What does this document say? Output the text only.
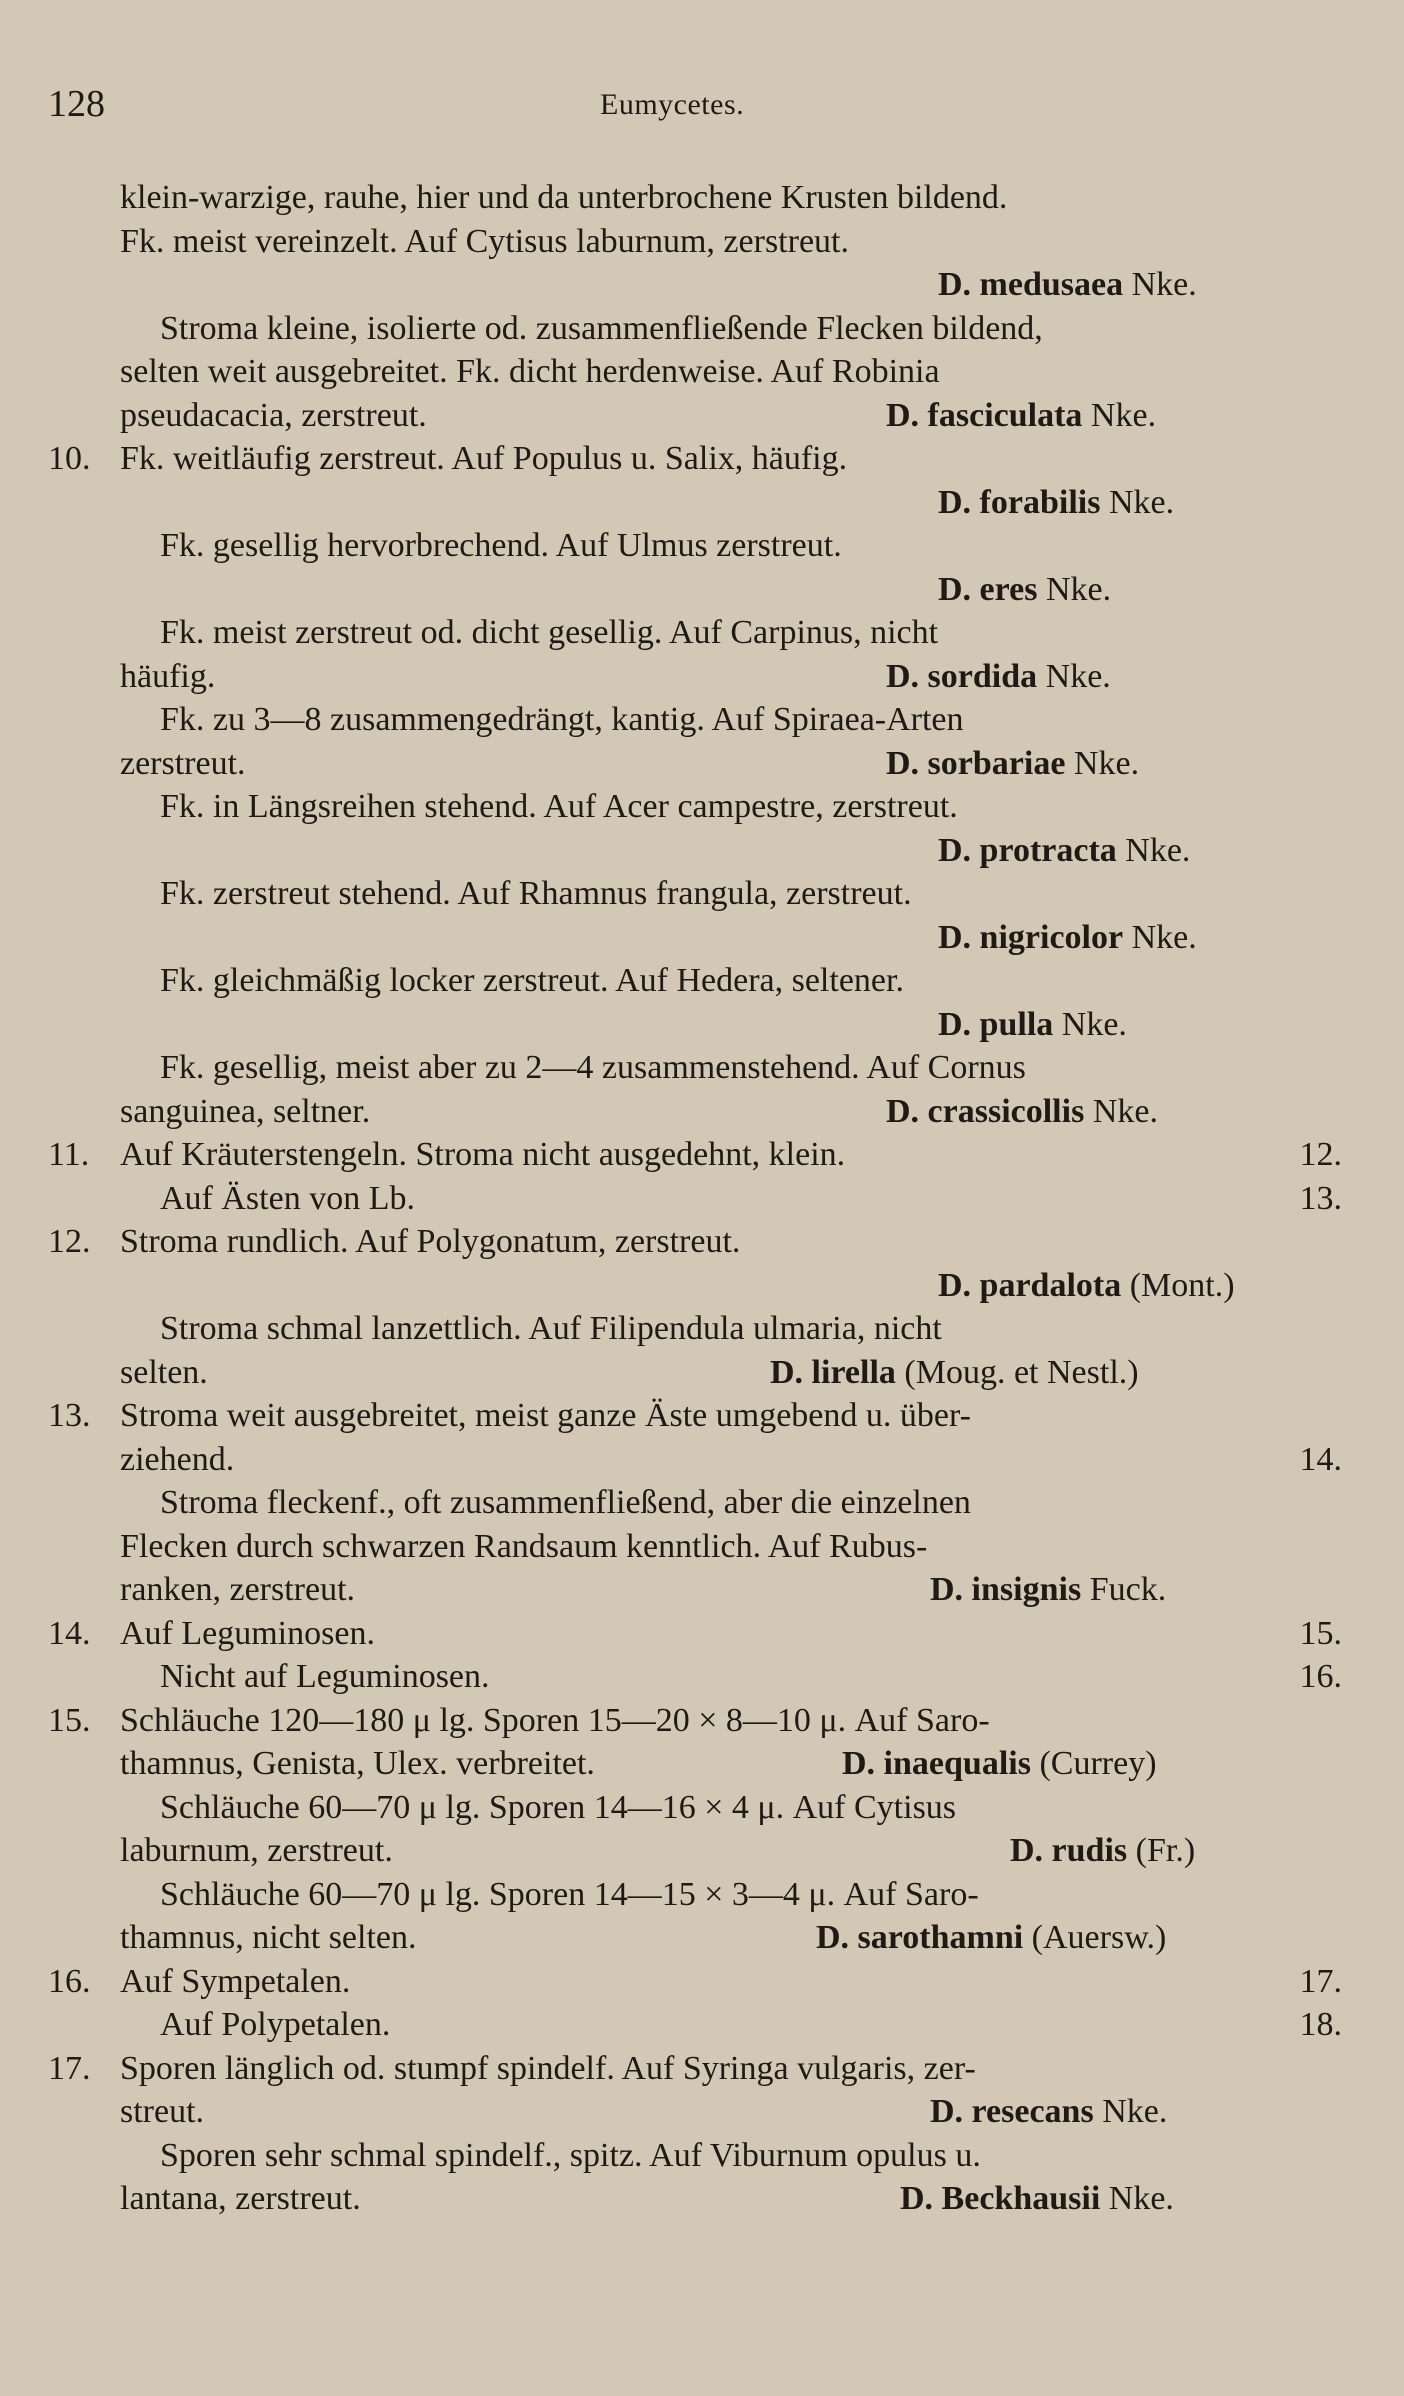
128	Eumycetes.
klein-warzige, rauhe, hier und da unterbrochene Krusten bildend.
Fk. meist vereinzelt. Auf Cytisus laburnum, zerstreut.
D. medusaea Nke.
Stroma kleine, isolierte od. zusammenfließende Flecken bildend,
selten weit ausgebreitet. Fk. dicht herdenweise. Auf Robinia
pseudacacia, zerstreut.	D. fasciculata Nke.
10. Fk. weitläufig zerstreut. Auf Populus u. Salix, häufig.
D. forabilis Nke.
Fk. gesellig hervorbrechend. Auf Ulmus zerstreut.
D. eres Nke.
Fk. meist zerstreut od. dicht gesellig. Auf Carpinus, nicht
häufig.	D. sordida Nke.
Fk. zu 3—8 zusammengedrängt, kantig. Auf Spiraea-Arten
zerstreut.	D. sorbariae Nke.
Fk. in Längsreihen stehend. Auf Acer campestre, zerstreut.
D. protracta Nke.
Fk. zerstreut stehend. Auf Rhamnus frangula, zerstreut.
D. nigricolor Nke.
Fk. gleichmäßig locker zerstreut. Auf Hedera, seltener.
D. pulla Nke.
Fk. gesellig, meist aber zu 2—4 zusammenstehend. Auf Cornus
sanguinea, seltner.	D. crassicollis Nke.
11. Auf Kräuterstengeln. Stroma nicht ausgedehnt, klein.	12.
Auf Ästen von Lb.	13.
12. Stroma rundlich. Auf Polygonatum, zerstreut.
D. pardalota (Mont.)
Stroma schmal lanzettlich. Auf Filipendula ulmaria, nicht
selten.	D. lirella (Moug. et Nestl.)
13. Stroma weit ausgebreitet, meist ganze Äste umgebend u. über-
ziehend.	14.
Stroma fleckenf., oft zusammenfließend, aber die einzelnen
Flecken durch schwarzen Randsaum kenntlich. Auf Rubus-
ranken, zerstreut.	D. insignis Fuck.
14. Auf Leguminosen.	15.
Nicht auf Leguminosen.	16.
15. Schläuche 120—180 μ lg. Sporen 15—20 × 8—10 μ. Auf Saro-
thamnus, Genista, Ulex. verbreitet.	D. inaequalis (Currey)
Schläuche 60—70 μ lg. Sporen 14—16 × 4 μ. Auf Cytisus
laburnum, zerstreut.	D. rudis (Fr.)
Schläuche 60—70 μ lg. Sporen 14—15 × 3—4 μ. Auf Saro-
thamnus, nicht selten.	D. sarothamni (Auersw.)
16. Auf Sympetalen.	17.
Auf Polypetalen.	18.
17. Sporen länglich od. stumpf spindelf. Auf Syringa vulgaris, zer-
streut.	D. resecans Nke.
Sporen sehr schmal spindelf., spitz. Auf Viburnum opulus u.
lantana, zerstreut.	D. Beckhausii Nke.
